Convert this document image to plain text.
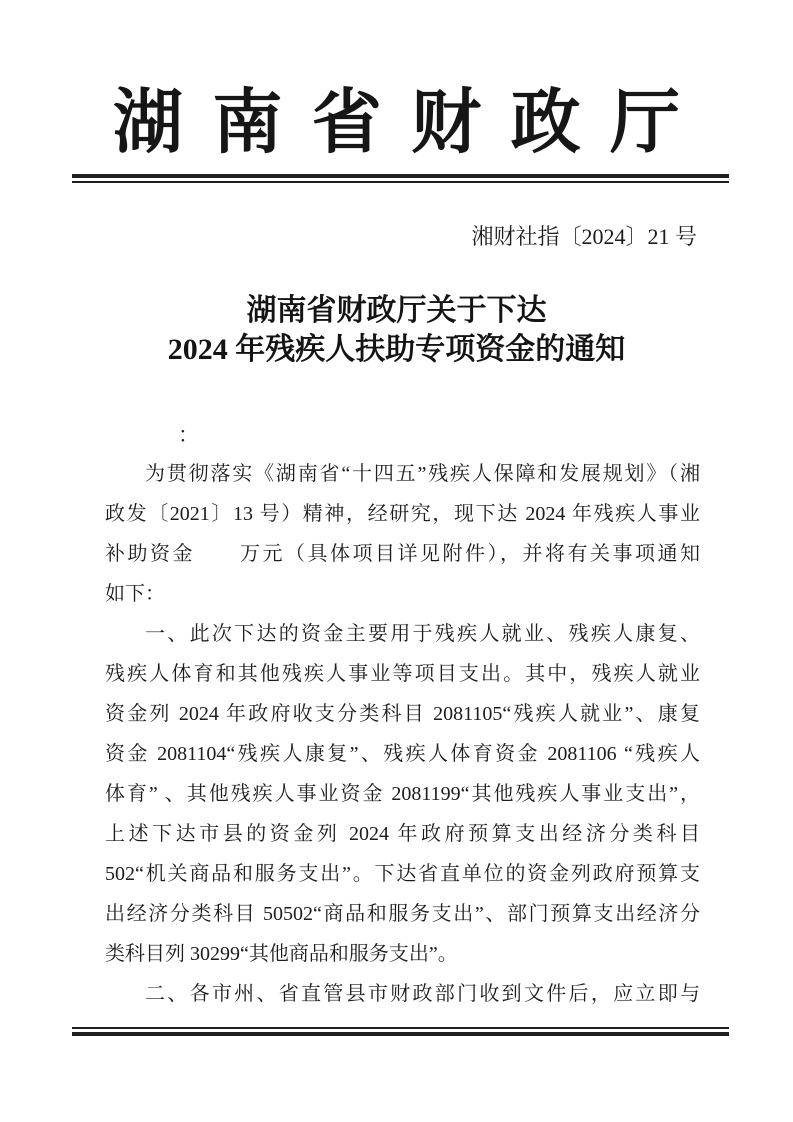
湖南省财政厅
湘财社指〔2024〕21 号
湖南省财政厅关于下达
2024 年残疾人扶助专项资金的通知
：
为贯彻落实《湖南省“十四五”残疾人保障和发展规划》（湘
政发〔2021〕13 号）精神，经研究，现下达 2024 年残疾人事业
补助资金　　万元（具体项目详见附件），并将有关事项通知
如下：
一、此次下达的资金主要用于残疾人就业、残疾人康复、
残疾人体育和其他残疾人事业等项目支出。其中，残疾人就业
资金列 2024 年政府收支分类科目 2081105“残疾人就业”、康复
资金 2081104“残疾人康复”、残疾人体育资金 2081106 “残疾人
体育” 、其他残疾人事业资金 2081199“其他残疾人事业支出”，
上述下达市县的资金列 2024 年政府预算支出经济分类科目
502“机关商品和服务支出”。下达省直单位的资金列政府预算支
出经济分类科目 50502“商品和服务支出”、部门预算支出经济分
类科目列 30299“其他商品和服务支出”。
二、各市州、省直管县市财政部门收到文件后，应立即与
